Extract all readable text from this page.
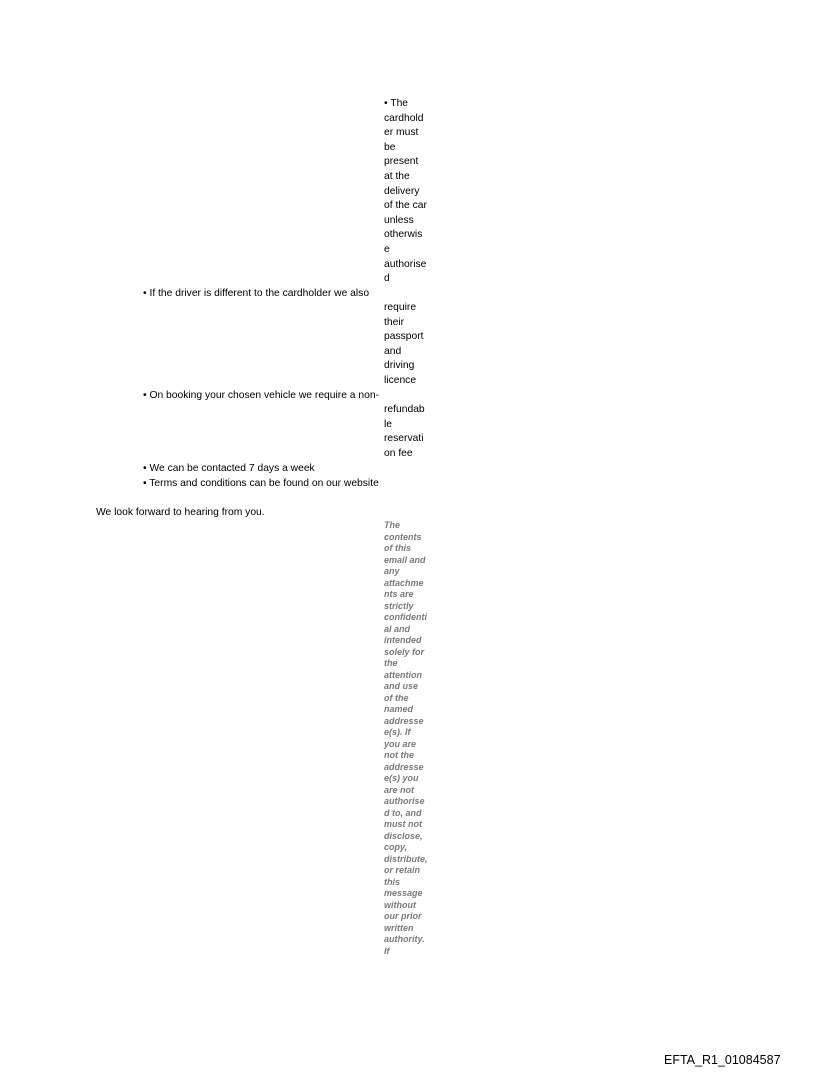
• The
cardhold
er must
be
present
at the
delivery
of the car
unless
otherwis
e
authorise
d
• If the driver is different to the cardholder we also
require
their
passport
and
driving
licence
• On booking your chosen vehicle we require a non-
refundab
le
reservati
on fee
• We can be contacted 7 days a week
• Terms and conditions can be found on our website
We look forward to hearing from you.
The
contents
of this
email and
any
attachme
nts are
strictly
confidenti
al and
intended
solely for
the
attention
and use
of the
named
addresse
e(s). If
you are
not the
addresse
e(s) you
are not
authorise
d to, and
must not
disclose,
copy,
distribute,
or retain
this
message
without
our prior
written
authority.
If
EFTA_R1_01084587
